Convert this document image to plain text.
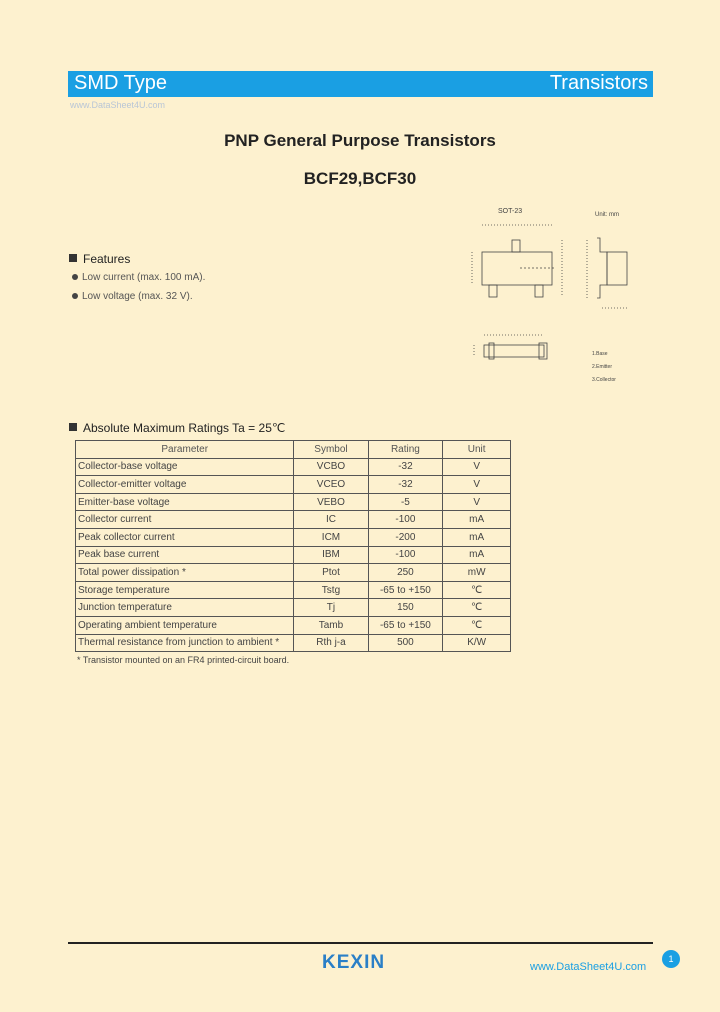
SMD Type	Transistors
www.DataSheet4U.com
PNP General Purpose Transistors
BCF29,BCF30
Features
Low current (max. 100 mA).
Low voltage (max. 32 V).
SOT-23	Unit: mm
1.Base
2.Emitter
3.Collector
Absolute Maximum Ratings Ta = 25℃
Parameter	Symbol	Rating	Unit
Collector-base voltage	VCBO	-32	V
Collector-emitter voltage	VCEO	-32	V
Emitter-base voltage	VEBO	-5	V
Collector current	IC	-100	mA
Peak collector current	ICM	-200	mA
Peak base current	IBM	-100	mA
Total power dissipation *	Ptot	250	mW
Storage temperature	Tstg	-65 to +150	℃
Junction temperature	Tj	150	℃
Operating ambient temperature	Tamb	-65 to +150	℃
Thermal resistance from junction to ambient *	Rth j-a	500	K/W
* Transistor mounted on an FR4 printed-circuit board.
KEXIN	www.DataSheet4U.com
1
